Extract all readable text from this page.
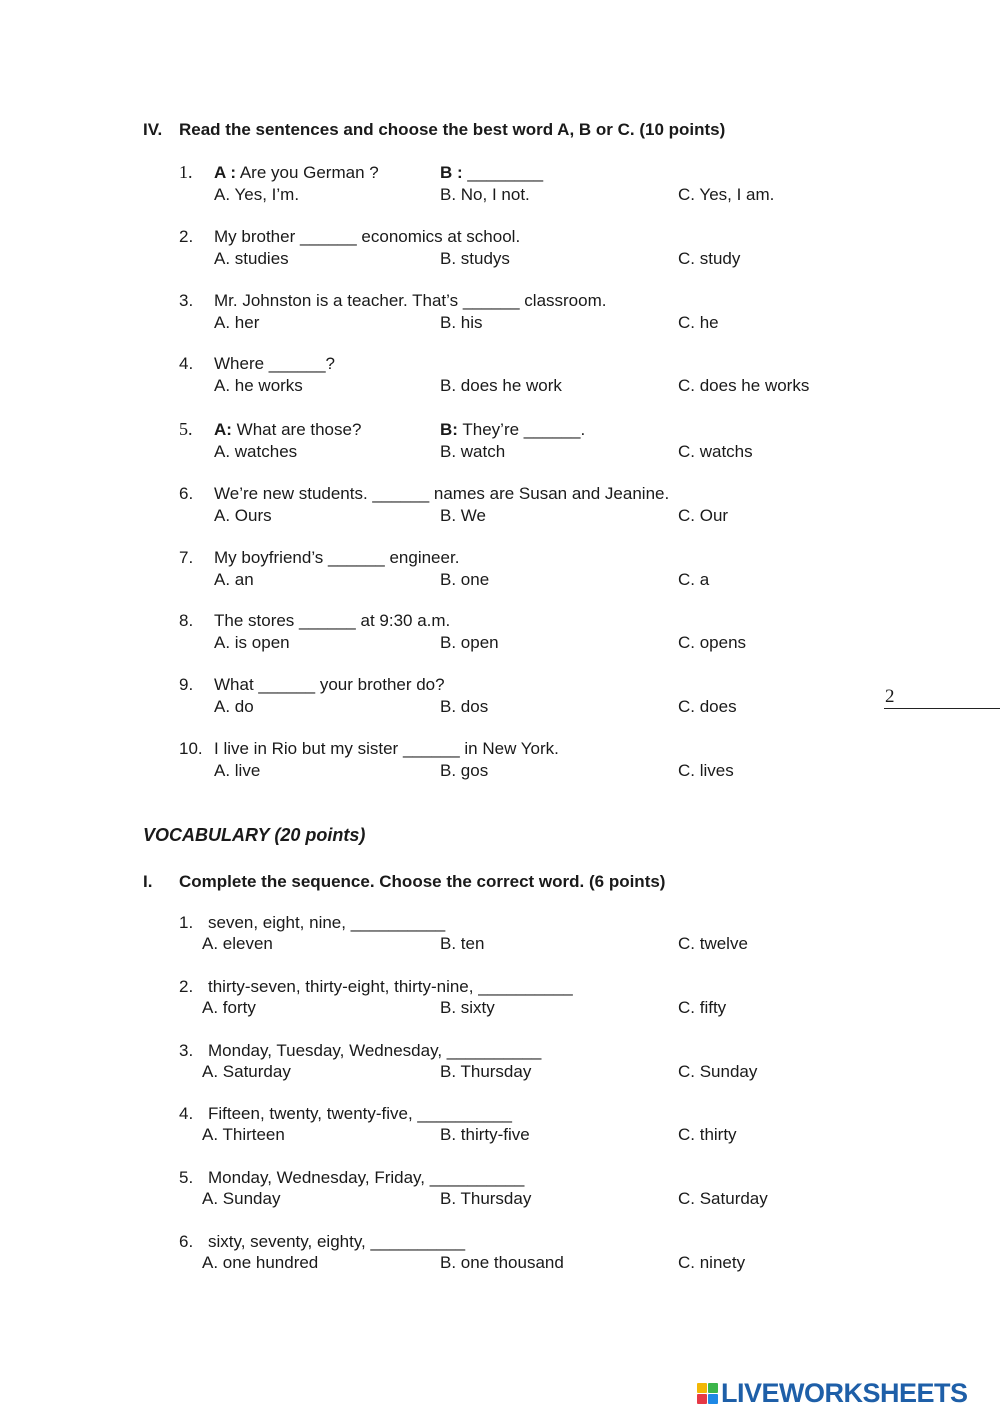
IV. Read the sentences and choose the best word A, B or C. (10 points)
1. A : Are you German ?	B : ________
A. Yes, I’m.	B. No, I not.	C. Yes, I am.
2. My brother ______ economics at school.
A. studies	B. studys	C. study
3. Mr. Johnston is a teacher. That’s ______ classroom.
A. her	B. his	C. he
4. Where ______?
A. he works	B. does he work	C. does he works
5. A: What are those?	B: They’re ______.
A. watches	B. watch	C. watchs
6. We’re new students. ______ names are Susan and Jeanine.
A. Ours	B. We	C. Our
7. My boyfriend’s ______ engineer.
A. an	B. one	C. a
8. The stores ______ at 9:30 a.m.
A. is open	B. open	C. opens
9. What ______ your brother do?
A. do	B. dos	C. does
10. I live in Rio but my sister ______ in New York.
A. live	B. gos	C. lives
VOCABULARY (20 points)
I. Complete the sequence. Choose the correct word. (6 points)
1. seven, eight, nine, __________
A. eleven	B. ten	C. twelve
2. thirty-seven, thirty-eight, thirty-nine, __________
A. forty	B. sixty	C. fifty
3. Monday, Tuesday, Wednesday, __________
A. Saturday	B. Thursday	C. Sunday
4. Fifteen, twenty, twenty-five, __________
A. Thirteen	B. thirty-five	C. thirty
5. Monday, Wednesday, Friday, __________
A. Sunday	B. Thursday	C. Saturday
6. sixty, seventy, eighty, __________
A. one hundred	B. one thousand	C. ninety
2
LIVEWORKSHEETS
